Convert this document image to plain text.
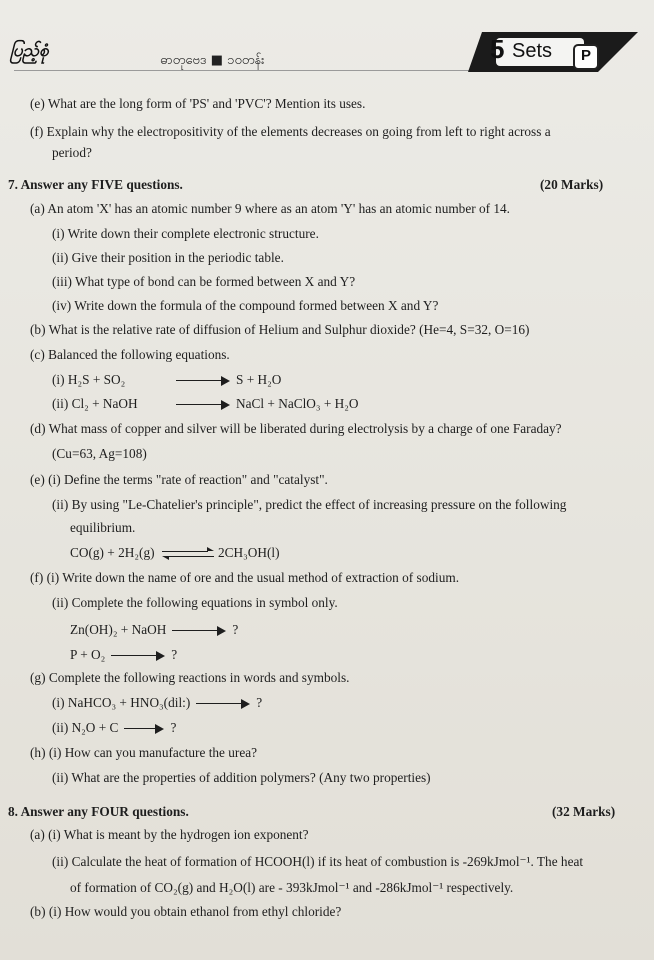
ပြည့်စုံ	ဓာတုဗေဒ ■ ၁၀တန်း	5 Sets	P
(e) What are the long form of 'PS' and 'PVC'? Mention its uses.
(f) Explain why the electropositivity of the elements decreases on going from left to right across a
period?
7. Answer any FIVE questions.	(20 Marks)
(a) An atom 'X' has an atomic number 9 where as an atom 'Y' has an atomic number of 14.
(i) Write down their complete electronic structure.
(ii) Give their position in the periodic table.
(iii) What type of bond can be formed between X and Y?
(iv) Write down the formula of the compound formed between X and Y?
(b) What is the relative rate of diffusion of Helium and Sulphur dioxide? (He=4, S=32, O=16)
(c) Balanced the following equations.
(i) H₂S + SO₂	S + H₂O
(ii) Cl₂ + NaOH	NaCl + NaClO₃ + H₂O
(d) What mass of copper and silver will be liberated during electrolysis by a charge of one Faraday?
(Cu=63, Ag=108)
(e) (i) Define the terms "rate of reaction" and "catalyst".
(ii) By using "Le-Chatelier's principle", predict the effect of increasing pressure on the following
equilibrium.
CO(g) + 2H₂(g)	2CH₃OH(l)
(f) (i) Write down the name of ore and the usual method of extraction of sodium.
(ii) Complete the following equations in symbol only.
Zn(OH)₂ + NaOH	?
P + O₂	?
(g) Complete the following reactions in words and symbols.
(i) NaHCO₃ + HNO₃(dil:)	?
(ii) N₂O + C	?
(h) (i) How can you manufacture the urea?
(ii) What are the properties of addition polymers? (Any two properties)
8. Answer any FOUR questions.	(32 Marks)
(a) (i) What is meant by the hydrogen ion exponent?
(ii) Calculate the heat of formation of HCOOH(l) if its heat of combustion is -269kJmol⁻¹. The heat
of formation of CO₂(g) and H₂O(l) are - 393kJmol⁻¹ and -286kJmol⁻¹ respectively.
(b) (i) How would you obtain ethanol from ethyl chloride?
